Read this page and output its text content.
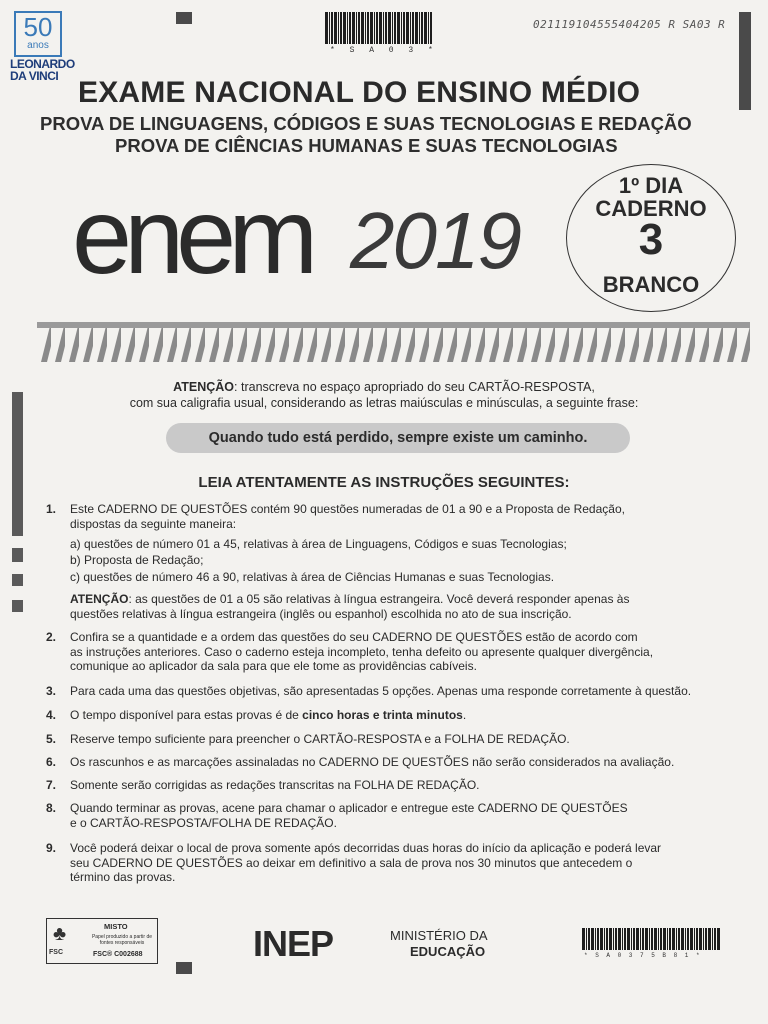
50
anos
LEONARDO
DA VINCI
* S A 0 3 *
021119104555404205 R SA03 R
EXAME NACIONAL DO ENSINO MÉDIO
PROVA DE LINGUAGENS, CÓDIGOS E SUAS TECNOLOGIAS E REDAÇÃO
PROVA DE CIÊNCIAS HUMANAS E SUAS TECNOLOGIAS
enem 2019
1º DIA
CADERNO
3
BRANCO
ATENÇÃO: transcreva no espaço apropriado do seu CARTÃO-RESPOSTA,
com sua caligrafia usual, considerando as letras maiúsculas e minúsculas, a seguinte frase:
Quando tudo está perdido, sempre existe um caminho.
LEIA ATENTAMENTE AS INSTRUÇÕES SEGUINTES:
1. Este CADERNO DE QUESTÕES contém 90 questões numeradas de 01 a 90 e a Proposta de Redação,
dispostas da seguinte maneira:
a) questões de número 01 a 45, relativas à área de Linguagens, Códigos e suas Tecnologias;
b) Proposta de Redação;
c) questões de número 46 a 90, relativas à área de Ciências Humanas e suas Tecnologias.
ATENÇÃO: as questões de 01 a 05 são relativas à língua estrangeira. Você deverá responder apenas às
questões relativas à língua estrangeira (inglês ou espanhol) escolhida no ato de sua inscrição.
2. Confira se a quantidade e a ordem das questões do seu CADERNO DE QUESTÕES estão de acordo com
as instruções anteriores. Caso o caderno esteja incompleto, tenha defeito ou apresente qualquer divergência,
comunique ao aplicador da sala para que ele tome as providências cabíveis.
3. Para cada uma das questões objetivas, são apresentadas 5 opções. Apenas uma responde corretamente à questão.
4. O tempo disponível para estas provas é de cinco horas e trinta minutos.
5. Reserve tempo suficiente para preencher o CARTÃO-RESPOSTA e a FOLHA DE REDAÇÃO.
6. Os rascunhos e as marcações assinaladas no CADERNO DE QUESTÕES não serão considerados na avaliação.
7. Somente serão corrigidas as redações transcritas na FOLHA DE REDAÇÃO.
8. Quando terminar as provas, acene para chamar o aplicador e entregue este CADERNO DE QUESTÕES
e o CARTÃO-RESPOSTA/FOLHA DE REDAÇÃO.
9. Você poderá deixar o local de prova somente após decorridas duas horas do início da aplicação e poderá levar
seu CADERNO DE QUESTÕES ao deixar em definitivo a sala de prova nos 30 minutos que antecedem o
término das provas.
♣
FSC
MISTO
Papel produzido a partir de fontes responsáveis
FSC® C002688	INEP	MINISTÉRIO DA
EDUCAÇÃO	* S A 0 3 7 5 B 8 1 *
